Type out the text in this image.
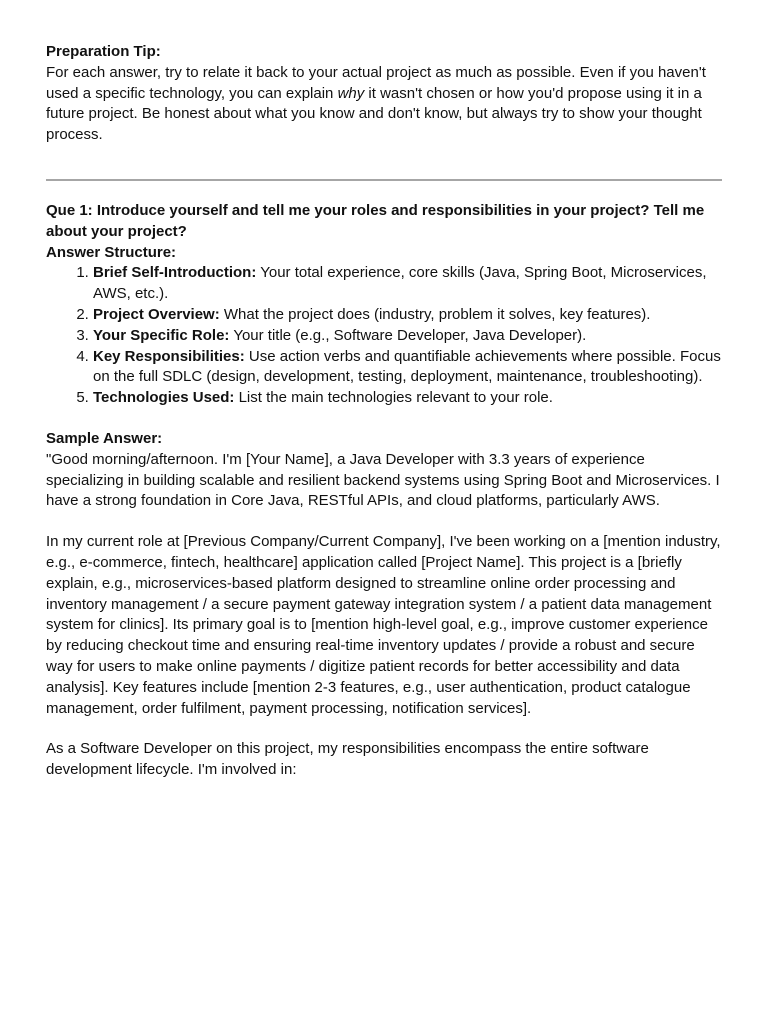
Preparation Tip:

For each answer, try to relate it back to your actual project as much as possible. Even if you haven't used a specific technology, you can explain why it wasn't chosen or how you'd propose using it in a future project. Be honest about what you know and don't know, but always try to show your thought process.

Que 1: Introduce yourself and tell me your roles and responsibilities in your project? Tell me about your project?

Answer Structure:

1. Brief Self-Introduction: Your total experience, core skills (Java, Spring Boot, Microservices, AWS, etc.).
2. Project Overview: What the project does (industry, problem it solves, key features).
3. Your Specific Role: Your title (e.g., Software Developer, Java Developer).
4. Key Responsibilities: Use action verbs and quantifiable achievements where possible. Focus on the full SDLC (design, development, testing, deployment, maintenance, troubleshooting).
5. Technologies Used: List the main technologies relevant to your role.

Sample Answer:

"Good morning/afternoon. I'm [Your Name], a Java Developer with 3.3 years of experience specializing in building scalable and resilient backend systems using Spring Boot and Microservices. I have a strong foundation in Core Java, RESTful APIs, and cloud platforms, particularly AWS.

In my current role at [Previous Company/Current Company], I've been working on a [mention industry, e.g., e-commerce, fintech, healthcare] application called [Project Name]. This project is a [briefly explain, e.g., microservices-based platform designed to streamline online order processing and inventory management / a secure payment gateway integration system / a patient data management system for clinics]. Its primary goal is to [mention high-level goal, e.g., improve customer experience by reducing checkout time and ensuring real-time inventory updates / provide a robust and secure way for users to make online payments / digitize patient records for better accessibility and data analysis]. Key features include [mention 2-3 features, e.g., user authentication, product catalogue management, order fulfilment, payment processing, notification services].

As a Software Developer on this project, my responsibilities encompass the entire software development lifecycle. I'm involved in:
